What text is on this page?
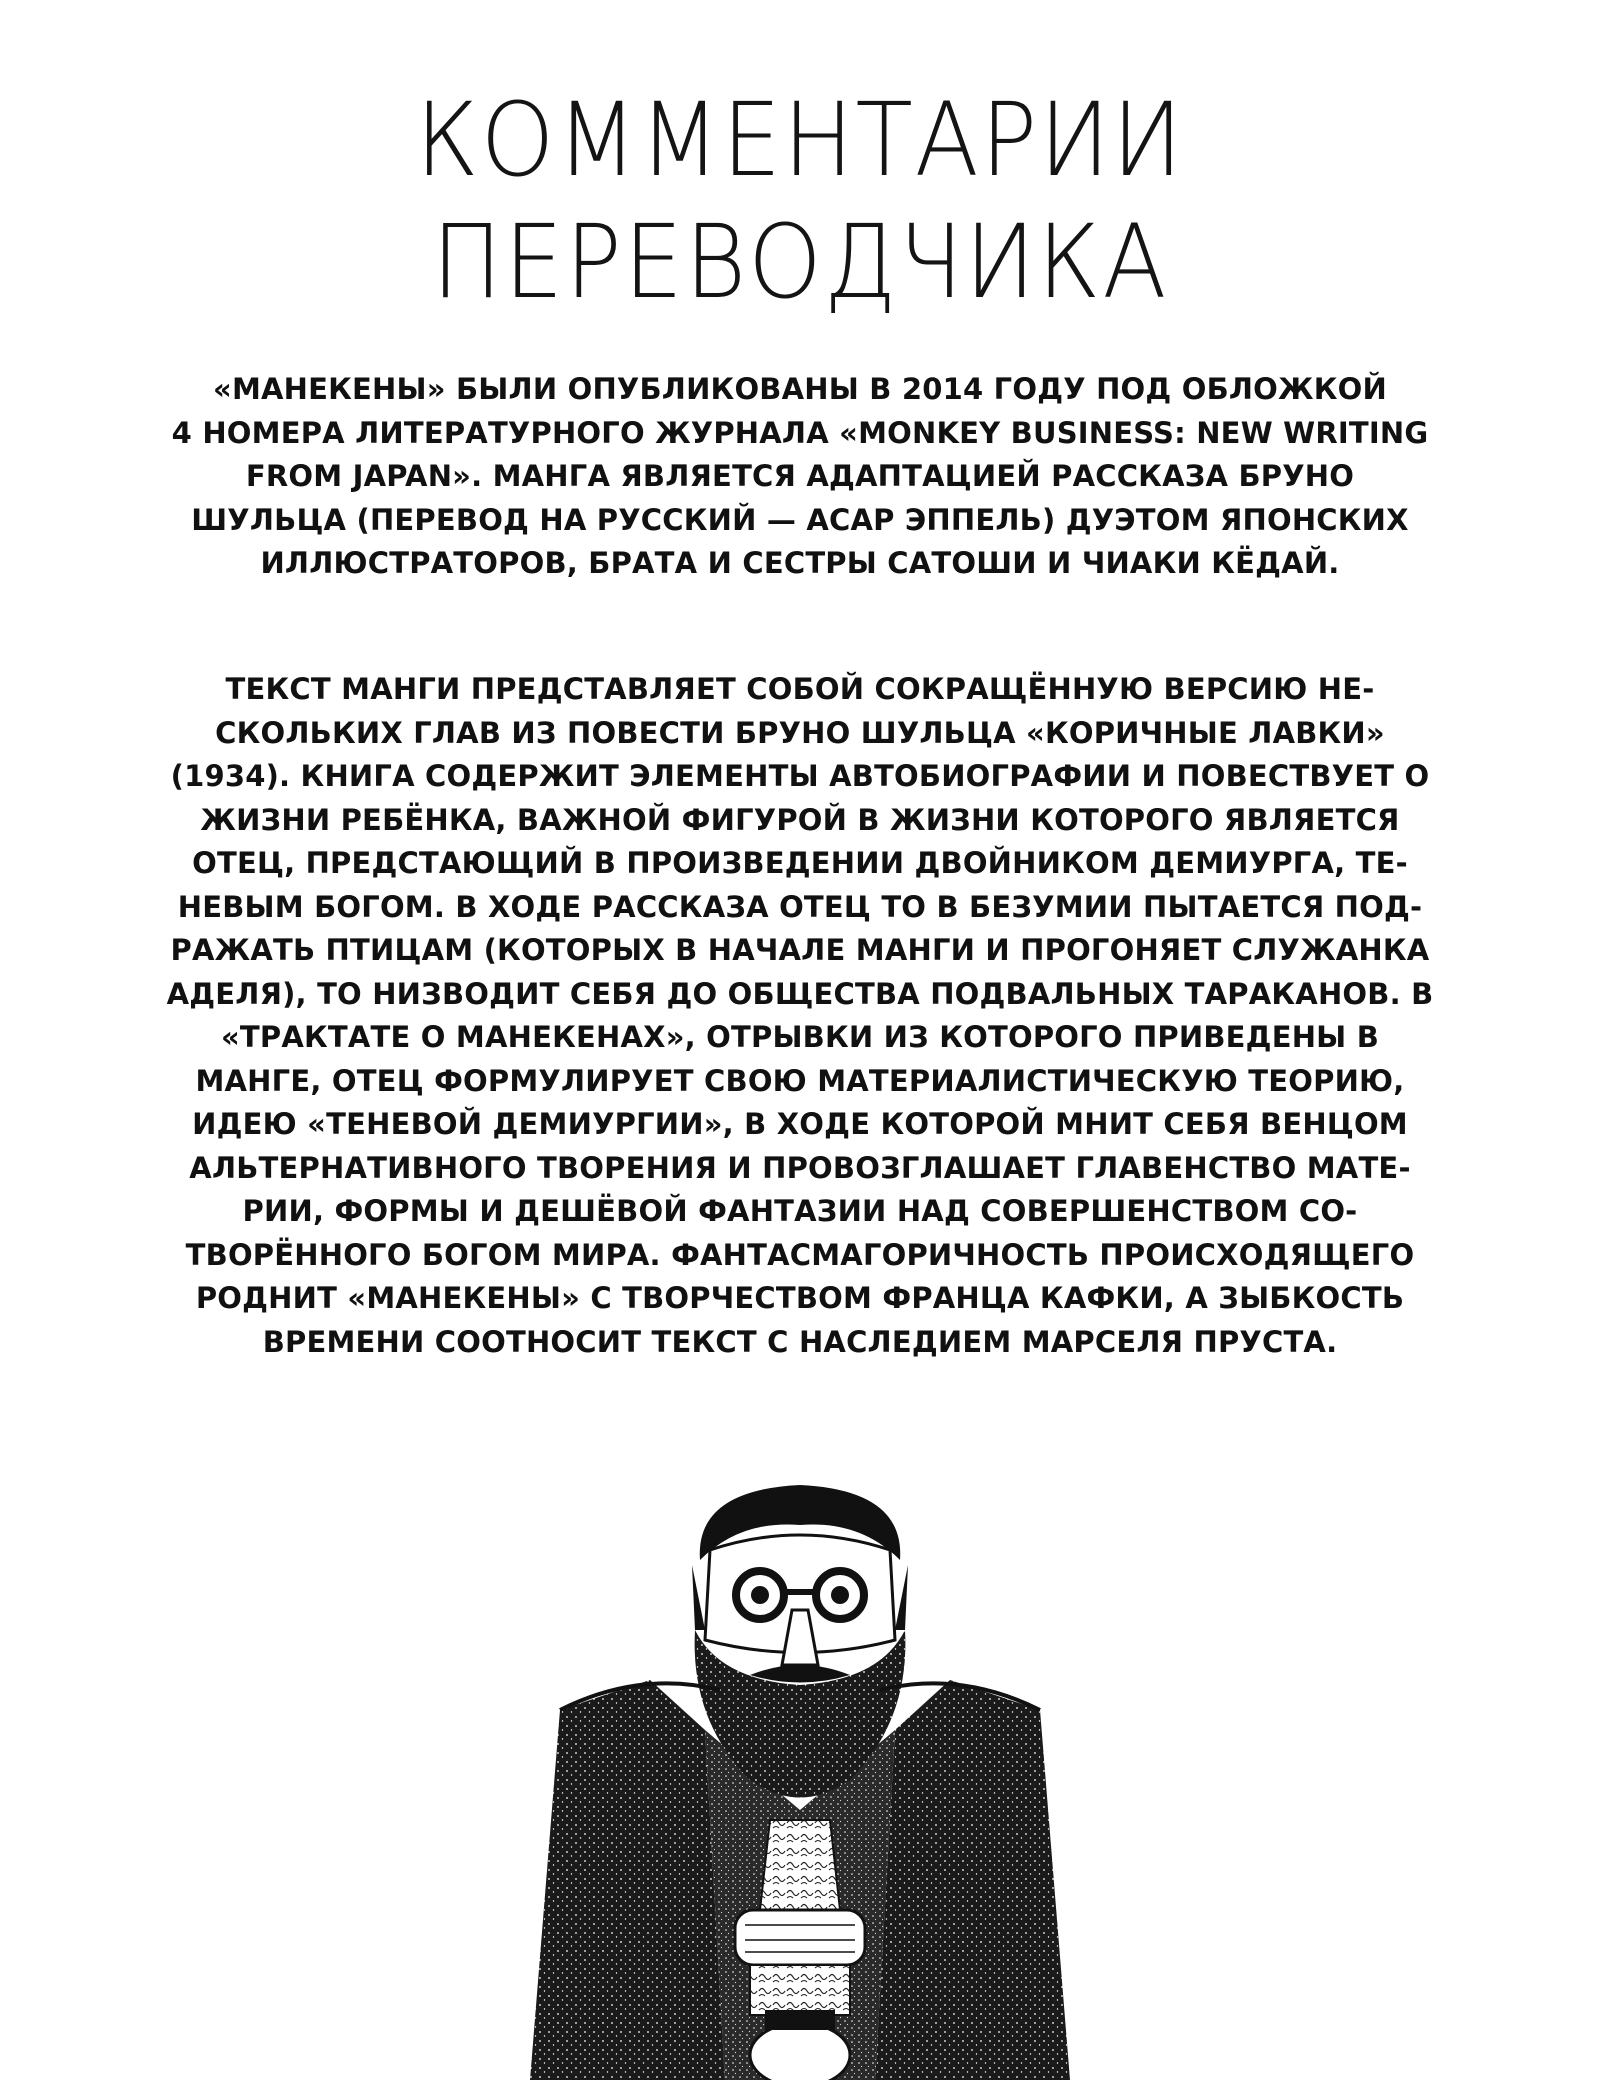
КОММЕНТАРИИ
ПЕРЕВОДЧИКА
«МАНЕКЕНЫ» БЫЛИ ОПУБЛИКОВАНЫ В 2014 ГОДУ ПОД ОБЛОЖКОЙ
4 НОМЕРА ЛИТЕРАТУРНОГО ЖУРНАЛА «MONKEY BUSINESS: NEW WRITING
FROM JAPAN». МАНГА ЯВЛЯЕТСЯ АДАПТАЦИЕЙ РАССКАЗА БРУНО
ШУЛЬЦА (ПЕРЕВОД НА РУССКИЙ — АСАР ЭППЕЛЬ) ДУЭТОМ ЯПОНСКИХ
ИЛЛЮСТРАТОРОВ, БРАТА И СЕСТРЫ САТОШИ И ЧИАКИ КЁДАЙ.
ТЕКСТ МАНГИ ПРЕДСТАВЛЯЕТ СОБОЙ СОКРАЩЁННУЮ ВЕРСИЮ НЕ-
СКОЛЬКИХ ГЛАВ ИЗ ПОВЕСТИ БРУНО ШУЛЬЦА «КОРИЧНЫЕ ЛАВКИ»
(1934). КНИГА СОДЕРЖИТ ЭЛЕМЕНТЫ АВТОБИОГРАФИИ И ПОВЕСТВУЕТ О
ЖИЗНИ РЕБЁНКА, ВАЖНОЙ ФИГУРОЙ В ЖИЗНИ КОТОРОГО ЯВЛЯЕТСЯ
ОТЕЦ, ПРЕДСТАЮЩИЙ В ПРОИЗВЕДЕНИИ ДВОЙНИКОМ ДЕМИУРГА, ТЕ-
НЕВЫМ БОГОМ. В ХОДЕ РАССКАЗА ОТЕЦ ТО В БЕЗУМИИ ПЫТАЕТСЯ ПОД-
РАЖАТЬ ПТИЦАМ (КОТОРЫХ В НАЧАЛЕ МАНГИ И ПРОГОНЯЕТ СЛУЖАНКА
АДЕЛЯ), ТО НИЗВОДИТ СЕБЯ ДО ОБЩЕСТВА ПОДВАЛЬНЫХ ТАРАКАНОВ. В
«ТРАКТАТЕ О МАНЕКЕНАХ», ОТРЫВКИ ИЗ КОТОРОГО ПРИВЕДЕНЫ В
МАНГЕ, ОТЕЦ ФОРМУЛИРУЕТ СВОЮ МАТЕРИАЛИСТИЧЕСКУЮ ТЕОРИЮ,
ИДЕЮ «ТЕНЕВОЙ ДЕМИУРГИИ», В ХОДЕ КОТОРОЙ МНИТ СЕБЯ ВЕНЦОМ
АЛЬТЕРНАТИВНОГО ТВОРЕНИЯ И ПРОВОЗГЛАШАЕТ ГЛАВЕНСТВО МАТЕ-
РИИ, ФОРМЫ И ДЕШЁВОЙ ФАНТАЗИИ НАД СОВЕРШЕНСТВОМ СО-
ТВОРЁННОГО БОГОМ МИРА. ФАНТАСМАГОРИЧНОСТЬ ПРОИСХОДЯЩЕГО
РОДНИТ «МАНЕКЕНЫ» С ТВОРЧЕСТВОМ ФРАНЦА КАФКИ, А ЗЫБКОСТЬ
ВРЕМЕНИ СООТНОСИТ ТЕКСТ С НАСЛЕДИЕМ МАРСЕЛЯ ПРУСТА.
